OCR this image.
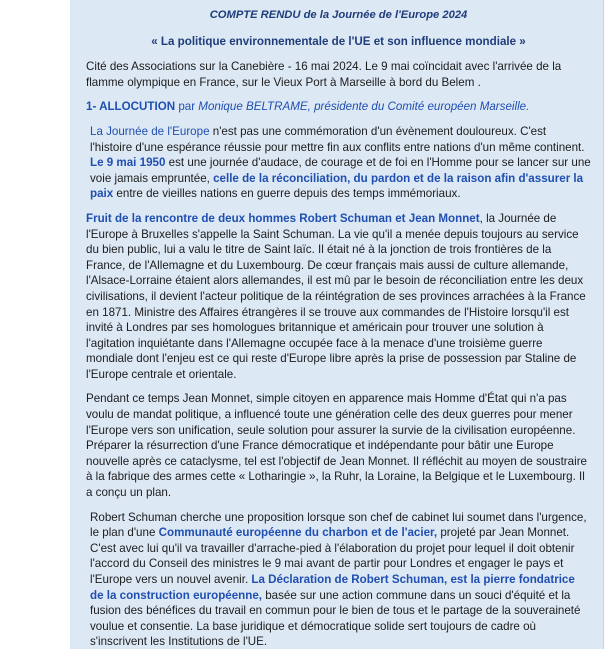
COMPTE RENDU de la Journée de l'Europe 2024
« La politique environnementale de l'UE et son influence mondiale »

Cité des Associations sur la Canebière - 16 mai 2024. Le 9 mai coïncidait avec l'arrivée de la flamme olympique en France, sur le Vieux Port à Marseille à bord du Belem .

1- ALLOCUTION par Monique BELTRAME, présidente du Comité européen Marseille.

La Journée de l'Europe n'est pas une commémoration d'un évènement douloureux. C'est l'histoire d'une espérance réussie pour mettre fin aux conflits entre nations d'un même continent. Le 9 mai 1950 est une journée d'audace, de courage et de foi en l'Homme pour se lancer sur une voie jamais empruntée, celle de la réconciliation, du pardon et de la raison afin d'assurer la paix entre de vieilles nations en guerre depuis des temps immémoriaux.

Fruit de la rencontre de deux hommes Robert Schuman et Jean Monnet, la Journée de l'Europe à Bruxelles s'appelle la Saint Schuman. La vie qu'il a menée depuis toujours au service du bien public, lui a valu le titre de Saint laïc. Il était né à la jonction de trois frontières de la France, de l'Allemagne et du Luxembourg. De cœur français mais aussi de culture allemande, l'Alsace-Lorraine étaient alors allemandes, il est mû par le besoin de réconciliation entre les deux civilisations, il devient l'acteur politique de la réintégration de ses provinces arrachées à la France en 1871. Ministre des Affaires étrangères il se trouve aux commandes de l'Histoire lorsqu'il est invité à Londres par ses homologues britannique et américain pour trouver une solution à l'agitation inquiétante dans l'Allemagne occupée face à la menace d'une troisième guerre mondiale dont l'enjeu est ce qui reste d'Europe libre après la prise de possession par Staline de l'Europe centrale et orientale.

Pendant ce temps Jean Monnet, simple citoyen en apparence mais Homme d'État qui n'a pas voulu de mandat politique, a influencé toute une génération celle des deux guerres pour mener l'Europe vers son unification, seule solution pour assurer la survie de la civilisation européenne. Préparer la résurrection d'une France démocratique et indépendante pour bâtir une Europe nouvelle après ce cataclysme, tel est l'objectif de Jean Monnet. Il réfléchit au moyen de soustraire à la fabrique des armes cette « Lotharingie », la Ruhr, la Loraine, la Belgique et le Luxembourg. Il a conçu un plan.

Robert Schuman cherche une proposition lorsque son chef de cabinet lui soumet dans l'urgence, le plan d'une Communauté européenne du charbon et de l'acier, projeté par Jean Monnet. C'est avec lui qu'il va travailler d'arrache-pied à l'élaboration du projet pour lequel il doit obtenir l'accord du Conseil des ministres le 9 mai avant de partir pour Londres et engager le pays et l'Europe vers un nouvel avenir. La Déclaration de Robert Schuman, est la pierre fondatrice de la construction européenne, basée sur une action commune dans un souci d'équité et la fusion des bénéfices du travail en commun pour le bien de tous et le partage de la souveraineté voulue et consentie. La base juridique et démocratique solide sert toujours de cadre où s'inscrivent les Institutions de l'UE.
